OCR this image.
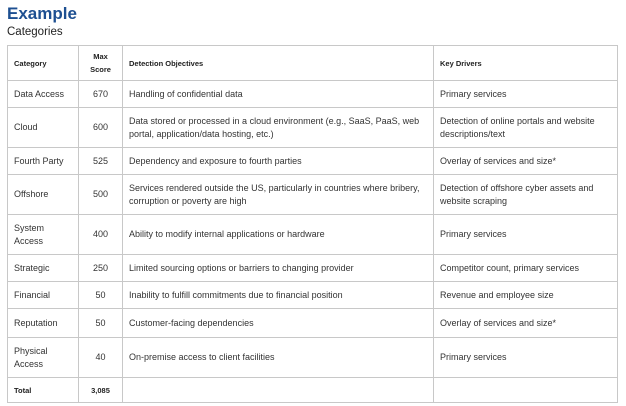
Example
Categories
Category	Max Score	Detection Objectives	Key Drivers
Data Access	670	Handling of confidential data	Primary services
Cloud	600	Data stored or processed in a cloud environment (e.g., SaaS, PaaS, web portal, application/data hosting, etc.)	Detection of online portals and website descriptions/text
Fourth Party	525	Dependency and exposure to fourth parties	Overlay of services and size*
Offshore	500	Services rendered outside the US, particularly in countries where bribery, corruption or poverty are high	Detection of offshore cyber assets and website scraping
System Access	400	Ability to modify internal applications or hardware	Primary services
Strategic	250	Limited sourcing options or barriers to changing provider	Competitor count, primary services
Financial	50	Inability to fulfill commitments due to financial position	Revenue and employee size
Reputation	50	Customer-facing dependencies	Overlay of services and size*
Physical Access	40	On-premise access to client facilities	Primary services
Total	3,085		
